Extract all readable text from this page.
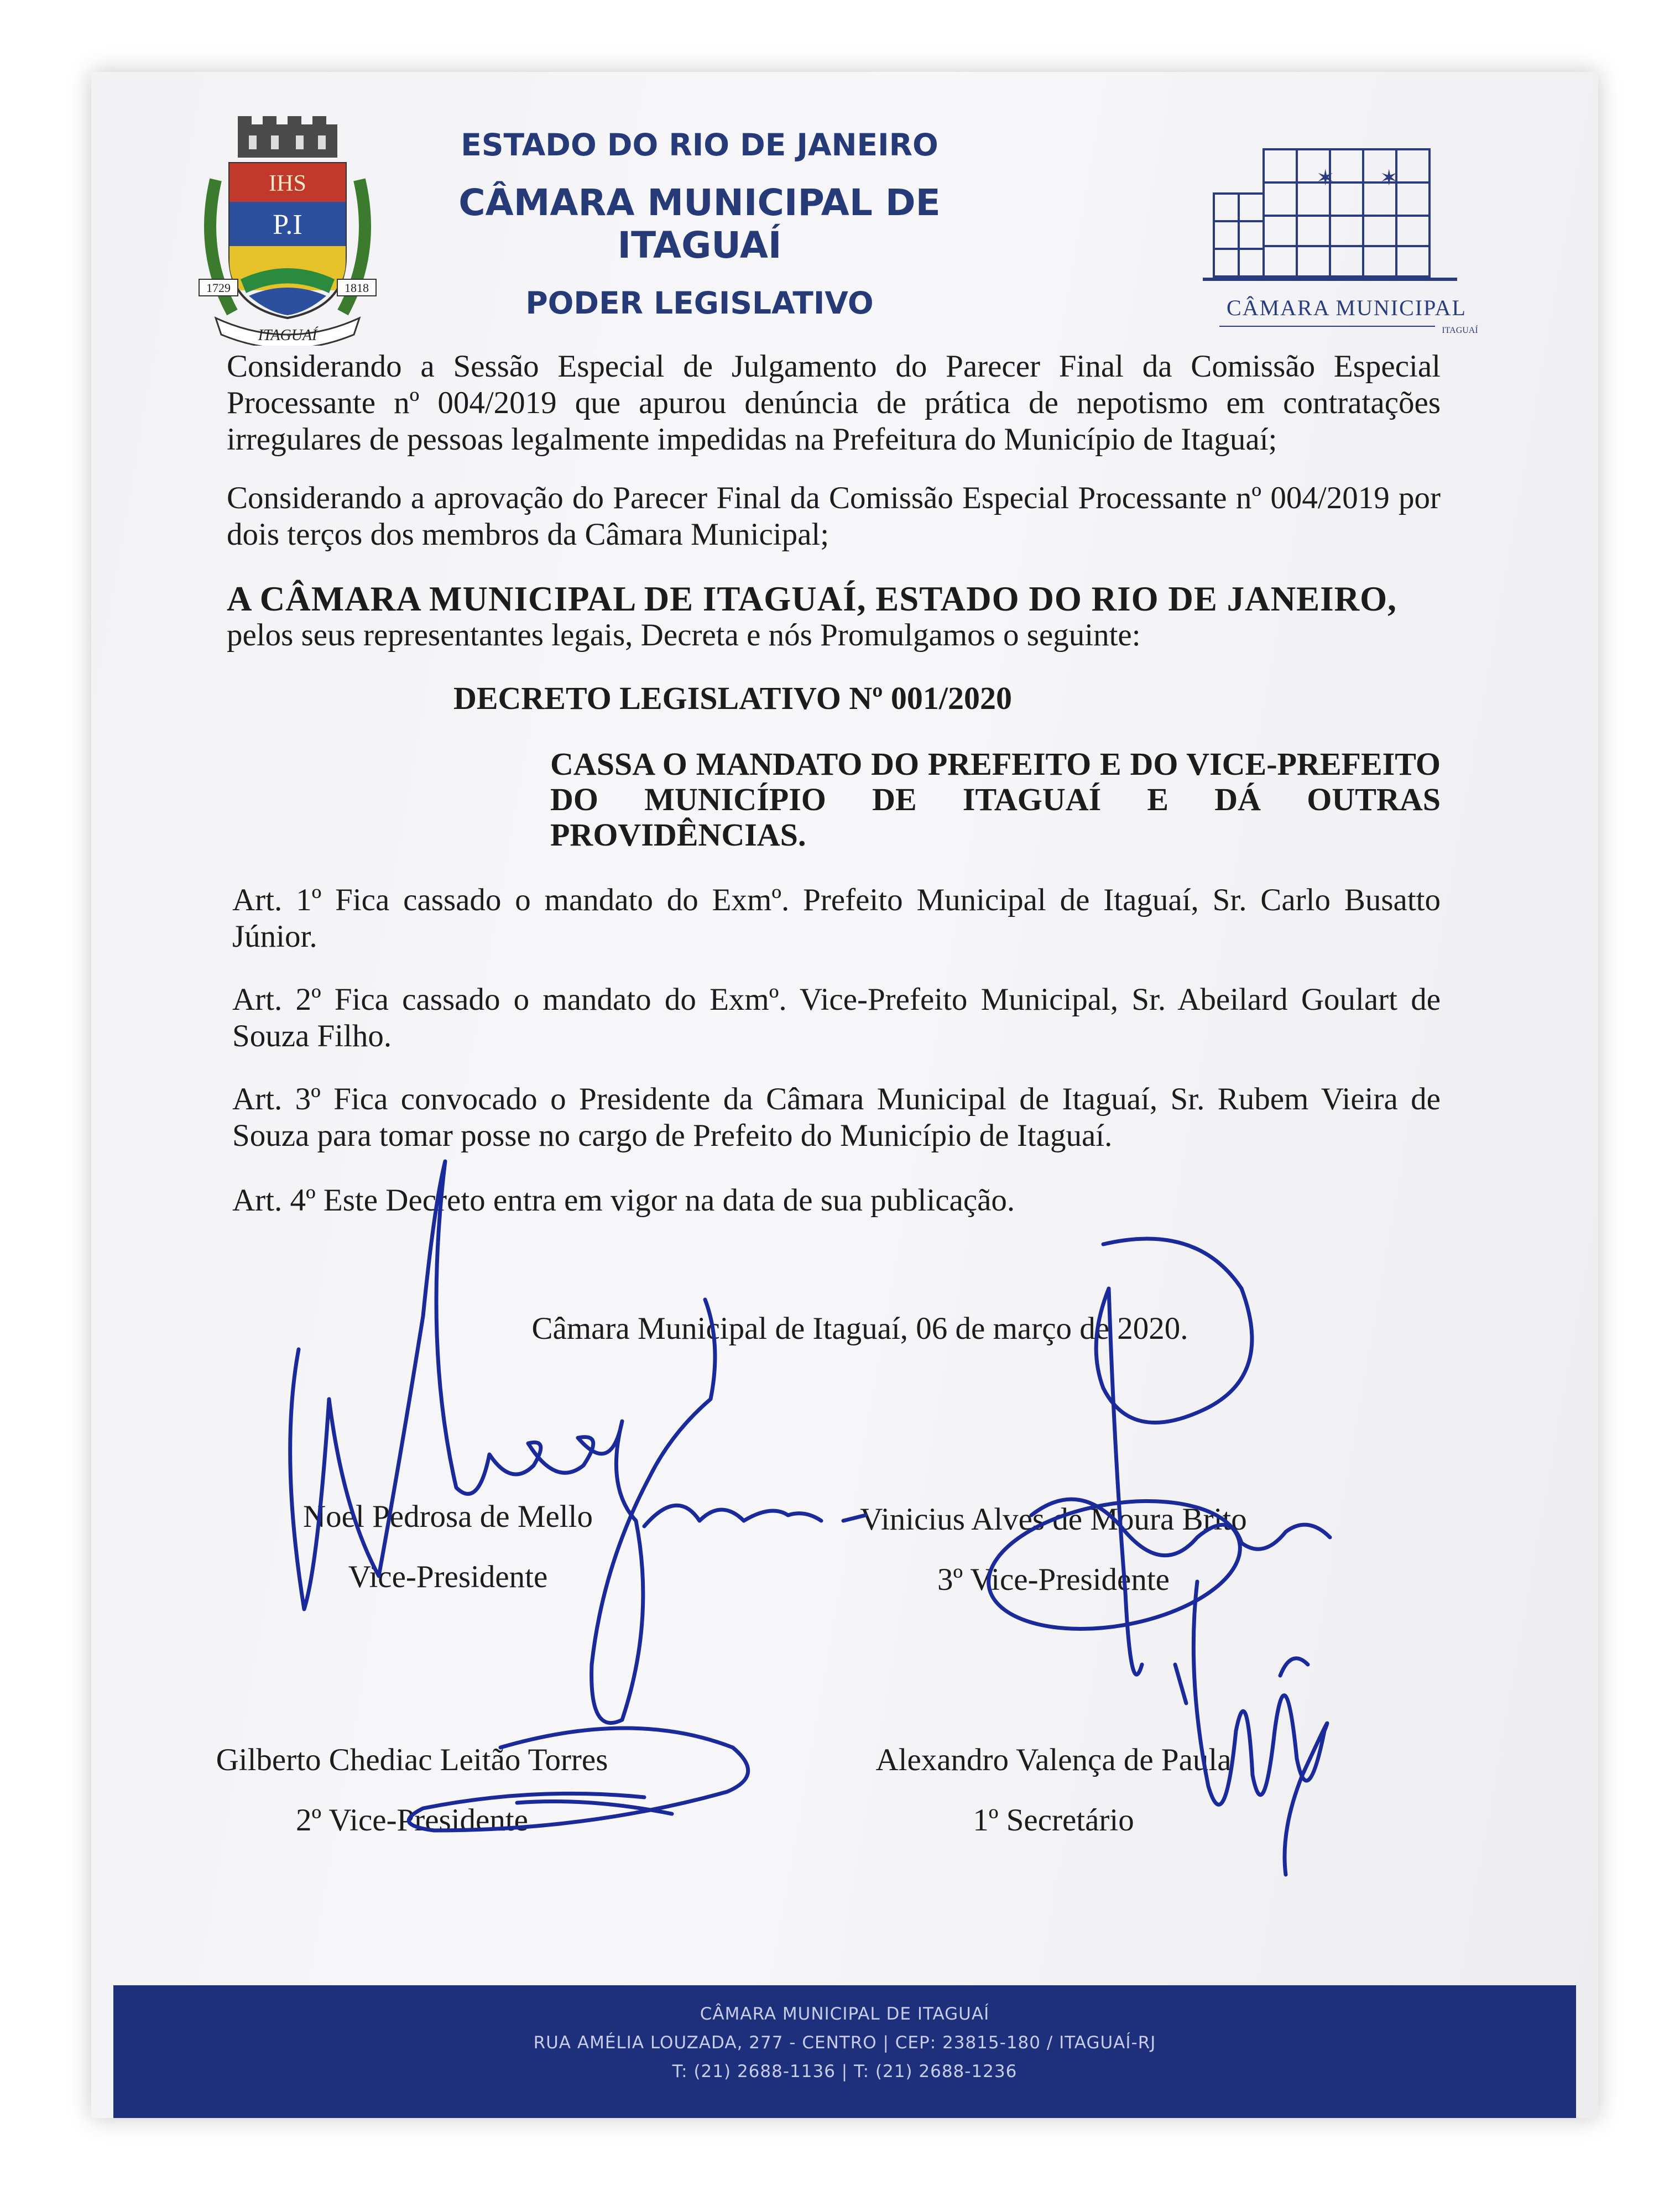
IHS
P.I
1729	1818
ITAGUAÍ
ESTADO DO RIO DE JANEIRO
CÂMARA MUNICIPAL DE ITAGUAÍ
PODER LEGISLATIVO
✶ ✶
CÂMARA MUNICIPAL
ITAGUAÍ
Considerando a Sessão Especial de Julgamento do Parecer Final da Comissão Especial Processante nº 004/2019 que apurou denúncia de prática de nepotismo em contratações irregulares de pessoas legalmente impedidas na Prefeitura do Município de Itaguaí;
Considerando a aprovação do Parecer Final da Comissão Especial Processante nº 004/2019 por dois terços dos membros da Câmara Municipal;
A CÂMARA MUNICIPAL DE ITAGUAÍ, ESTADO DO RIO DE JANEIRO,
pelos seus representantes legais, Decreta e nós Promulgamos o seguinte:
DECRETO LEGISLATIVO Nº 001/2020
CASSA O MANDATO DO PREFEITO E DO VICE-PREFEITO DO MUNICÍPIO DE ITAGUAÍ E DÁ OUTRAS PROVIDÊNCIAS.
Art. 1º Fica cassado o mandato do Exmº. Prefeito Municipal de Itaguaí, Sr. Carlo Busatto Júnior.
Art. 2º Fica cassado o mandato do Exmº. Vice-Prefeito Municipal, Sr. Abeilard Goulart de Souza Filho.
Art. 3º Fica convocado o Presidente da Câmara Municipal de Itaguaí, Sr. Rubem Vieira de Souza para tomar posse no cargo de Prefeito do Município de Itaguaí.
Art. 4º Este Decreto entra em vigor na data de sua publicação.
Câmara Municipal de Itaguaí, 06 de março de 2020.
Noel Pedrosa de Mello
Vice-Presidente
Vinicius Alves de Moura Brito
3º Vice-Presidente
Gilberto Chediac Leitão Torres
2º Vice-Presidente
Alexandro Valença de Paula
1º Secretário
CÂMARA MUNICIPAL DE ITAGUAÍ
RUA AMÉLIA LOUZADA, 277 - CENTRO | CEP: 23815-180 / ITAGUAÍ-RJ
T: (21) 2688-1136 | T: (21) 2688-1236
